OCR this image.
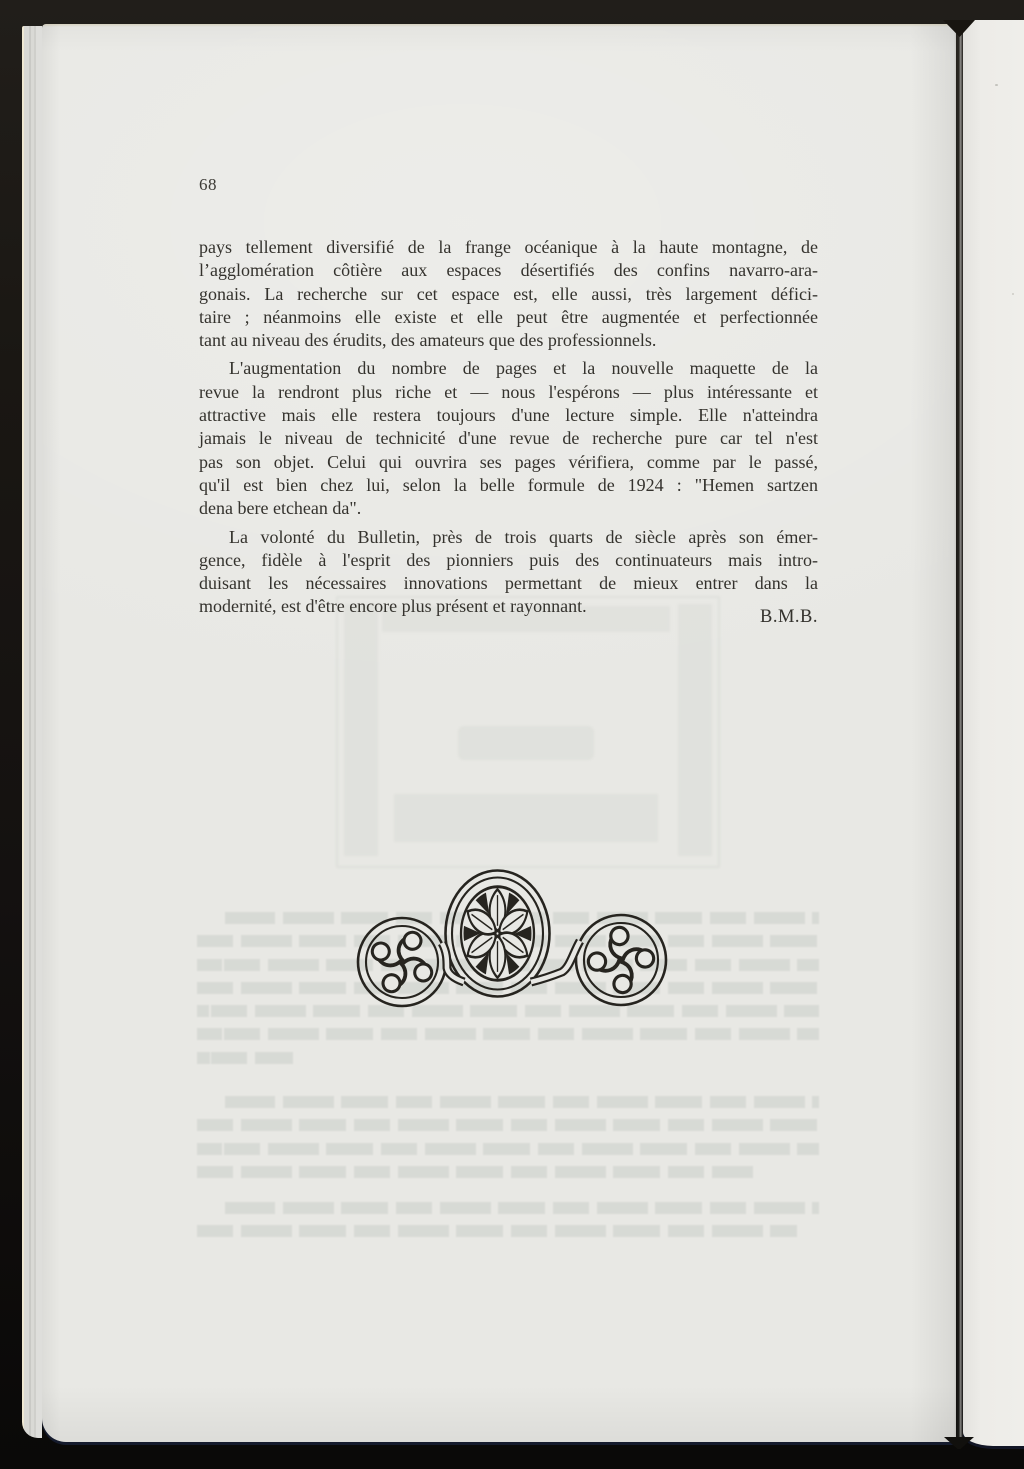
68
pays tellement diversifié de la frange océanique à la haute montagne, de
l’agglomération côtière aux espaces désertifiés des confins navarro-ara-
gonais. La recherche sur cet espace est, elle aussi, très largement défici-
taire ; néanmoins elle existe et elle peut être augmentée et perfectionnée
tant au niveau des érudits, des amateurs que des professionnels.
L'augmentation du nombre de pages et la nouvelle maquette de la
revue la rendront plus riche et — nous l'espérons — plus intéressante et
attractive mais elle restera toujours d'une lecture simple. Elle n'atteindra
jamais le niveau de technicité d'une revue de recherche pure car tel n'est
pas son objet. Celui qui ouvrira ses pages vérifiera, comme par le passé,
qu'il est bien chez lui, selon la belle formule de 1924 : "Hemen sartzen
dena bere etchean da".
La volonté du Bulletin, près de trois quarts de siècle après son émer-
gence, fidèle à l'esprit des pionniers puis des continuateurs mais intro-
duisant les nécessaires innovations permettant de mieux entrer dans la
modernité, est d'être encore plus présent et rayonnant.
B.M.B.
